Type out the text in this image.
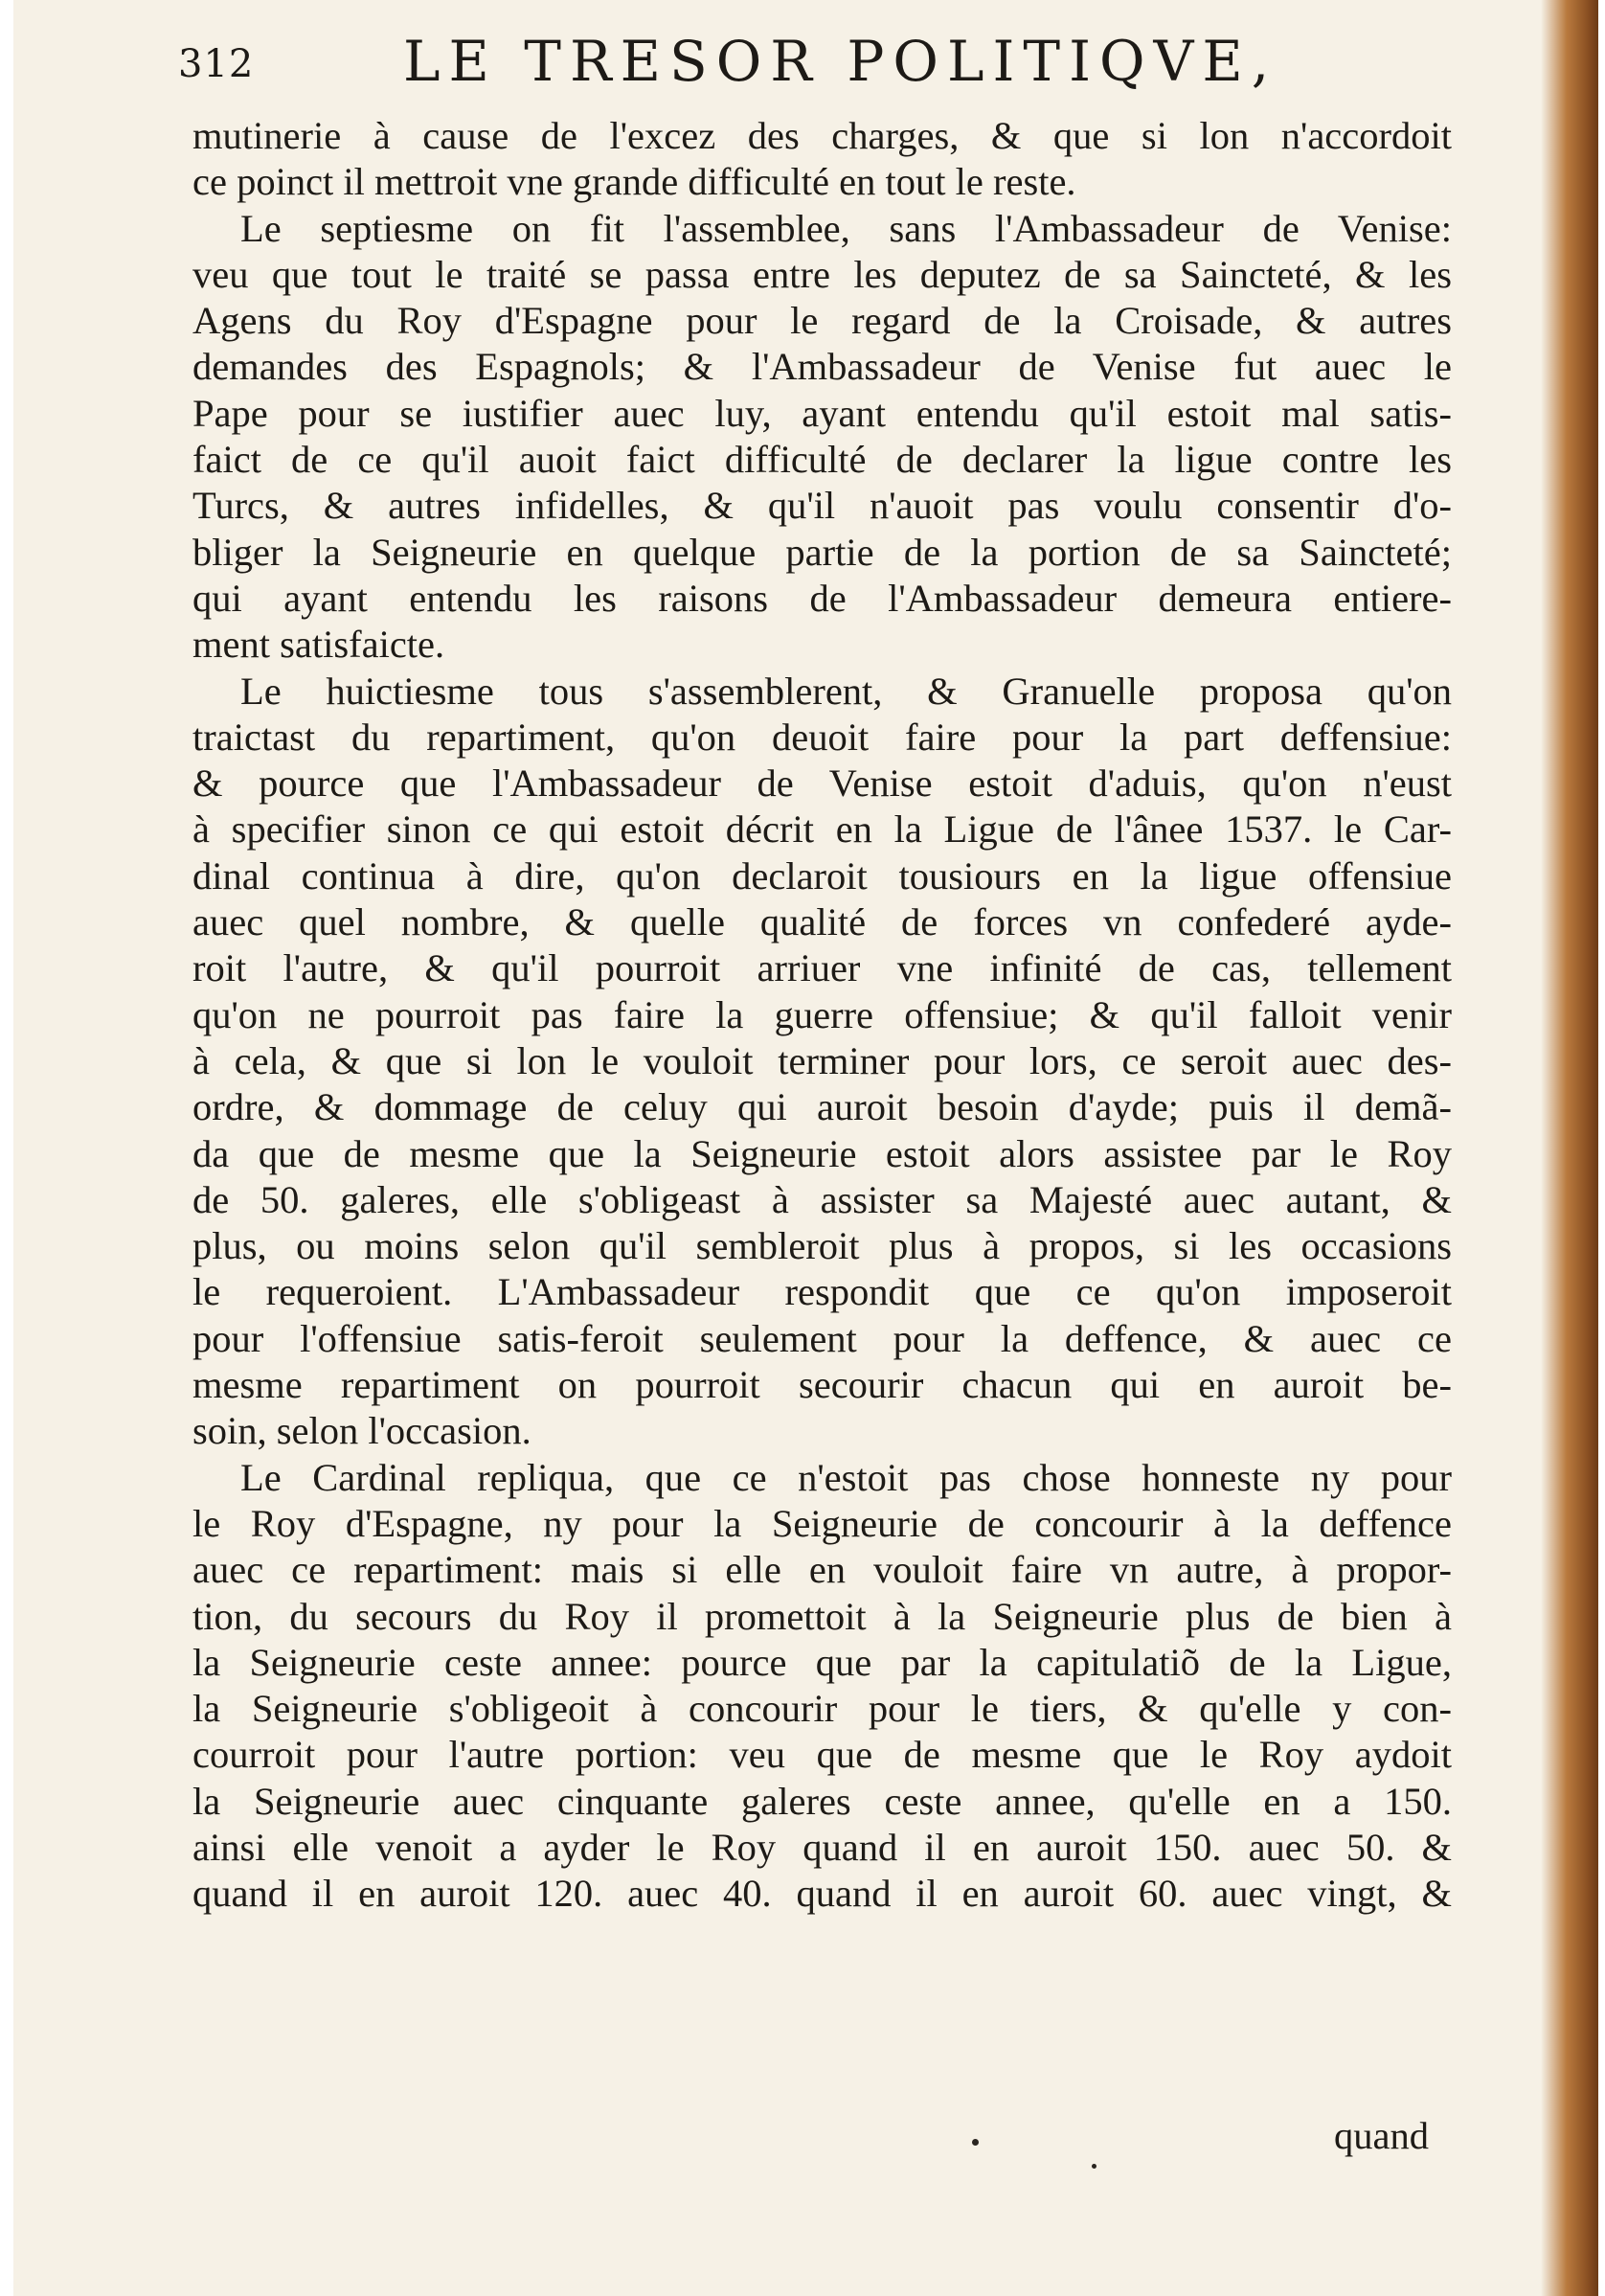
312	LE TRESOR POLITIQVE,
mutinerie à cause de l'excez des charges, & que si lon n'accordoit
ce poinct il mettroit vne grande difficulté en tout le reste.
Le septiesme on fit l'assemblee, sans l'Ambassadeur de Venise:
veu que tout le traité se passa entre les deputez de sa Saincteté, & les
Agens du Roy d'Espagne pour le regard de la Croisade, & autres
demandes des Espagnols; & l'Ambassadeur de Venise fut auec le
Pape pour se iustifier auec luy, ayant entendu qu'il estoit mal satis-
faict de ce qu'il auoit faict difficulté de declarer la ligue contre les
Turcs, & autres infidelles, & qu'il n'auoit pas voulu consentir d'o-
bliger la Seigneurie en quelque partie de la portion de sa Saincteté;
qui ayant entendu les raisons de l'Ambassadeur demeura entiere-
ment satisfaicte.
Le huictiesme tous s'assemblerent, & Granuelle proposa qu'on
traictast du repartiment, qu'on deuoit faire pour la part deffensiue:
& pource que l'Ambassadeur de Venise estoit d'aduis, qu'on n'eust
à specifier sinon ce qui estoit décrit en la Ligue de l'ânee 1537. le Car-
dinal continua à dire, qu'on declaroit tousiours en la ligue offensiue
auec quel nombre, & quelle qualité de forces vn confederé ayde-
roit l'autre, & qu'il pourroit arriuer vne infinité de cas, tellement
qu'on ne pourroit pas faire la guerre offensiue; & qu'il falloit venir
à cela, & que si lon le vouloit terminer pour lors, ce seroit auec des-
ordre, & dommage de celuy qui auroit besoin d'ayde; puis il demã-
da que de mesme que la Seigneurie estoit alors assistee par le Roy
de 50. galeres, elle s'obligeast à assister sa Majesté auec autant, &
plus, ou moins selon qu'il sembleroit plus à propos, si les occasions
le requeroient. L'Ambassadeur respondit que ce qu'on imposeroit
pour l'offensiue satis-feroit seulement pour la deffence, & auec ce
mesme repartiment on pourroit secourir chacun qui en auroit be-
soin, selon l'occasion.
Le Cardinal repliqua, que ce n'estoit pas chose honneste ny pour
le Roy d'Espagne, ny pour la Seigneurie de concourir à la deffence
auec ce repartiment: mais si elle en vouloit faire vn autre, à propor-
tion, du secours du Roy il promettoit à la Seigneurie plus de bien à
la Seigneurie ceste annee: pource que par la capitulatiõ de la Ligue,
la Seigneurie s'obligeoit à concourir pour le tiers, & qu'elle y con-
courroit pour l'autre portion: veu que de mesme que le Roy aydoit
la Seigneurie auec cinquante galeres ceste annee, qu'elle en a 150.
ainsi elle venoit a ayder le Roy quand il en auroit 150. auec 50. &
quand il en auroit 120. auec 40. quand il en auroit 60. auec vingt, &
quand
